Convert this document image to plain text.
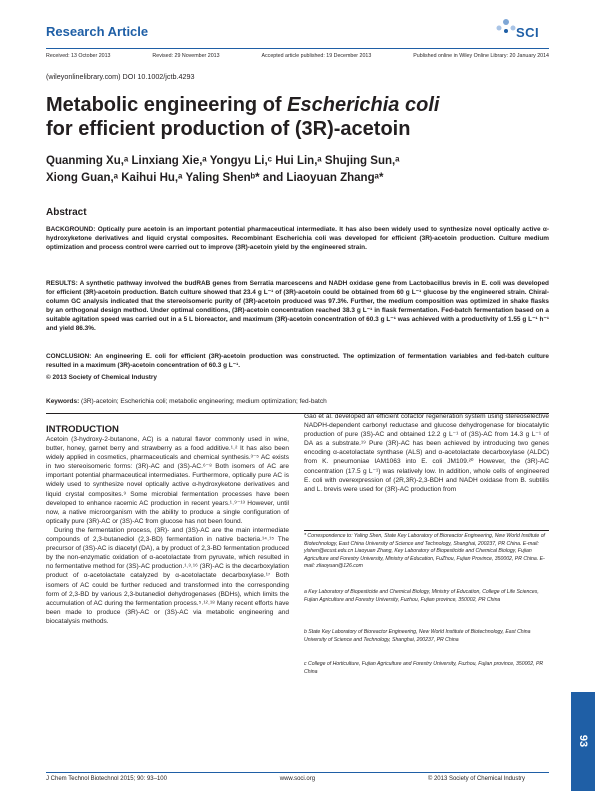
Research Article	SCI
Received: 13 October 2013	Revised: 29 November 2013	Accepted article published: 19 December 2013	Published online in Wiley Online Library: 20 January 2014
(wileyonlinelibrary.com) DOI 10.1002/jctb.4293
Metabolic engineering of Escherichia coli
for efficient production of (3R)-acetoin
Quanming Xu,ᵃ Linxiang Xie,ᵃ Yongyu Li,ᶜ Hui Lin,ᵃ Shujing Sun,ᵃ
Xiong Guan,ᵃ Kaihui Hu,ᵃ Yaling Shenᵇ* and Liaoyuan Zhangᵃ*
Abstract
BACKGROUND: Optically pure acetoin is an important potential pharmaceutical intermediate. It has also been widely used to synthesize novel optically active α-hydroxyketone derivatives and liquid crystal composites. Recombinant Escherichia coli was developed for efficient (3R)-acetoin production. Culture medium optimization and process control were carried out to improve (3R)-acetoin yield by the engineered strain.
RESULTS: A synthetic pathway involved the budRAB genes from Serratia marcescens and NADH oxidase gene from Lactobacillus brevis in E. coli was developed for efficient (3R)-acetoin production. Batch culture showed that 23.4 g L⁻¹ of (3R)-acetoin could be obtained from 60 g L⁻¹ glucose by the engineered strain. Chiral-column GC analysis indicated that the stereoisomeric purity of (3R)-acetoin produced was 97.3%. Further, the medium composition was optimized in shake flasks by an orthogonal design method. Under optimal conditions, (3R)-acetoin concentration reached 38.3 g L⁻¹ in flask fermentation. Fed-batch fermentation based on a suitable agitation speed was carried out in a 5 L bioreactor, and maximum (3R)-acetoin concentration of 60.3 g L⁻¹ was achieved with a productivity of 1.55 g L⁻¹ h⁻¹ and yield 86.3%.
CONCLUSION: An engineering E. coli for efficient (3R)-acetoin production was constructed. The optimization of fermentation variables and fed-batch culture resulted in a maximum (3R)-acetoin concentration of 60.3 g L⁻¹.
© 2013 Society of Chemical Industry
Keywords: (3R)-acetoin; Escherichia coli; metabolic engineering; medium optimization; fed-batch
INTRODUCTION

Acetoin (3-hydroxy-2-butanone, AC) is a natural flavor commonly used in wine, butter, honey, garnet berry and strawberry as a food additive.¹˒² It has also been widely applied in cosmetics, pharmaceuticals and chemical synthesis.³⁻⁵ AC exists in two stereoisomeric forms: (3R)-AC and (3S)-AC.⁶⁻⁸ Both isomers of AC are important potential pharmaceutical intermediates. Furthermore, optically pure AC is widely used to synthesize novel optically active α-hydroxyketone derivatives and liquid crystal composites.⁹ Some microbial fermentation processes have been developed to enhance racemic AC production in recent years.¹˒⁹⁻¹³ However, until now, a native microorganism with the ability to produce a single configuration of optically pure (3R)-AC or (3S)-AC from glucose has not been found.

During the fermentation process, (3R)- and (3S)-AC are the main intermediate compounds of 2,3-butanediol (2,3-BD) fermentation in native bacteria.¹⁴˒¹⁵ The precursor of (3S)-AC is diacetyl (DA), a by product of 2,3-BD fermentation produced by the non-enzymatic oxidation of α-acetolactate from pyruvate, which resulted in no fermentative method for (3S)-AC production.¹˒³˒¹⁶ (3R)-AC is the decarboxylation product of α-acetolactate catalyzed by α-acetolactate decarboxylase.¹⁷ Both isomers of AC could be further reduced and transformed into the corresponding form of 2,3-BD by various 2,3-butanediol dehydrogenases (BDHs), which limits the accumulation of AC during the fermentation process.⁵˒¹²˒¹⁸ Many recent efforts have been made to produce (3R)-AC or (3S)-AC via metabolic engineering and biocatalysis methods.

Gao et al. developed an efficient cofactor regeneration system using stereoselective NADPH-dependent carbonyl reductase and glucose dehydrogenase for biocatalytic production of pure (3S)-AC and obtained 12.2 g L⁻¹ of (3S)-AC from 14.3 g L⁻¹ of DA as a substrate.¹⁹ Pure (3R)-AC has been achieved by introducing two genes encoding α-acetolactate synthase (ALS) and α-acetolactate decarboxylase (ALDC) from K. pneumoniae IAM1063 into E. coli JM109.²⁰ However, the (3R)-AC concentration (17.5 g L⁻¹) was relatively low. In addition, whole cells of engineered E. coli with overexpression of (2R,3R)-2,3-BDH and NADH oxidase from B. subtilis and L. brevis were used for (3R)-AC production from
* Correspondence to: Yaling Shen, State Key Laboratory of Bioreactor Engineering, New World Institute of Biotechnology, East China University of Science and Technology, Shanghai, 200237, PR China. E-mail: ylshen@ecust.edu.cn Liaoyuan Zhang, Key Laboratory of Biopesticide and Chemical Biology, Fujian Agriculture and Forestry University, Ministry of Education, FuZhou, Fujian Province, 350002, PR China. E-mail: zliaoyuan@126.com
a Key Laboratory of Biopesticide and Chemical Biology, Ministry of Education, College of Life Sciences, Fujian Agriculture and Forestry University, Fuzhou, Fujian province, 350002, PR China
b State Key Laboratory of Bioreactor Engineering, New World Institute of Biotechnology, East China University of Science and Technology, Shanghai, 200237, PR China
c College of Horticulture, Fujian Agriculture and Forestry University, Fuzhou, Fujian province, 350002, PR China
93
J Chem Technol Biotechnol 2015; 90: 93–100	www.soci.org	© 2013 Society of Chemical Industry
